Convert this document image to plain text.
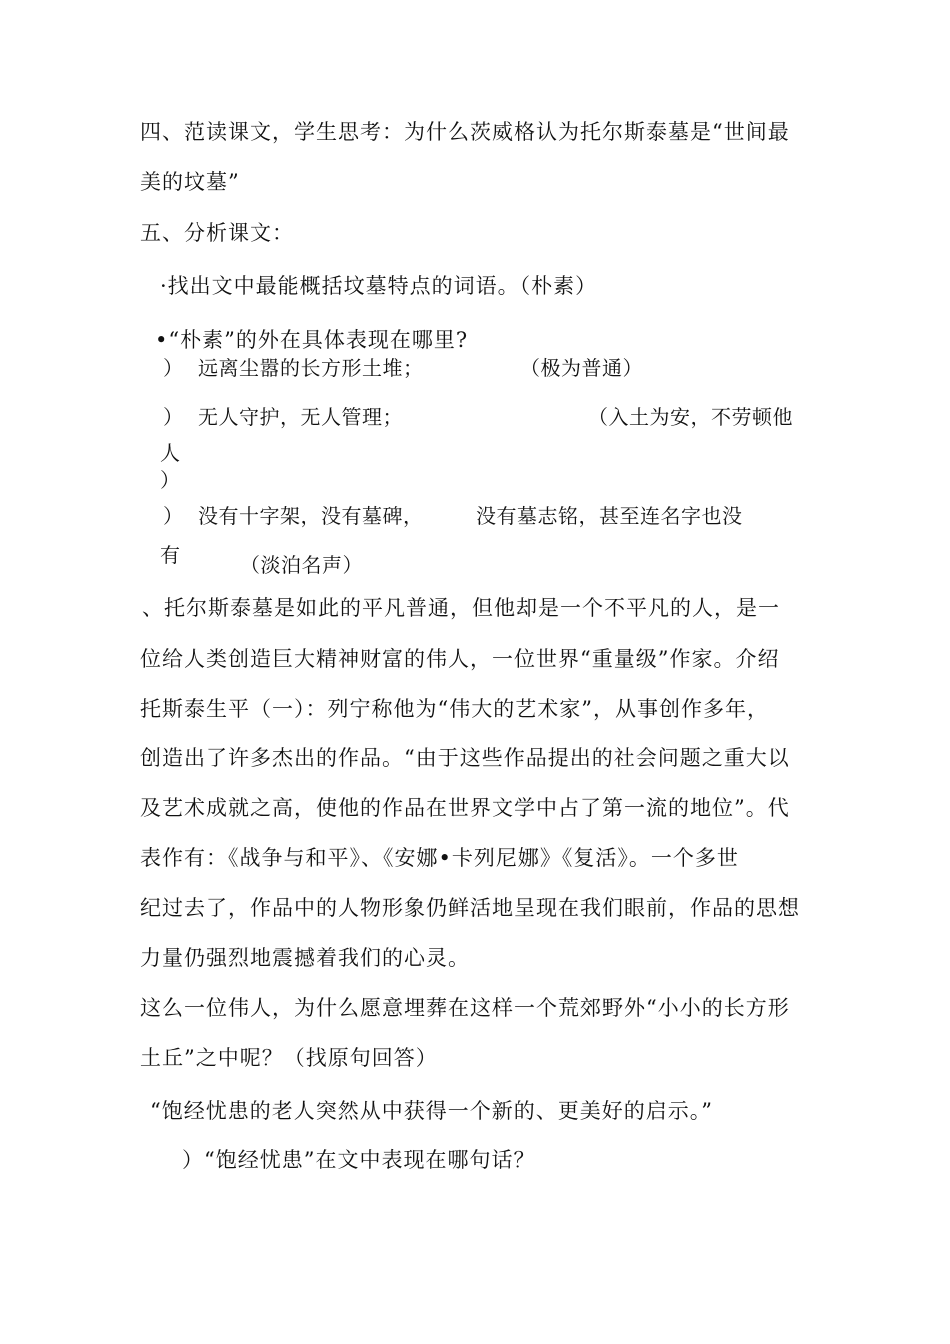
四、范读课文，学生思考：为什么茨威格认为托尔斯泰墓是“世间最
美的坟墓”
五、分析课文：
·找出文中最能概括坟墓特点的词语。（朴素）
•“朴素”的外在具体表现在哪里?
） 远离尘嚣的长方形土堆；	（极为普通）
） 无人守护，无人管理；	（入土为安，不劳顿他
人
）
） 没有十字架，没有墓碑，	没有墓志铭，甚至连名字也没
有	（淡泊名声）
、托尔斯泰墓是如此的平凡普通，但他却是一个不平凡的人，是一
位给人类创造巨大精神财富的伟人，一位世界“重量级”作家。介绍
托斯泰生平（一）：列宁称他为“伟大的艺术家”，从事创作多年，
创造出了许多杰出的作品。“由于这些作品提出的社会问题之重大以
及艺术成就之高，使他的作品在世界文学中占了第一流的地位”。代
表作有：《战争与和平》、《安娜•卡列尼娜》《复活》。一个多世
纪过去了，作品中的人物形象仍鲜活地呈现在我们眼前，作品的思想
力量仍强烈地震撼着我们的心灵。
这么一位伟人，为什么愿意埋葬在这样一个荒郊野外“小小的长方形
土丘”之中呢？（找原句回答）
“饱经忧患的老人突然从中获得一个新的、更美好的启示。”
）“饱经忧患”在文中表现在哪句话？
